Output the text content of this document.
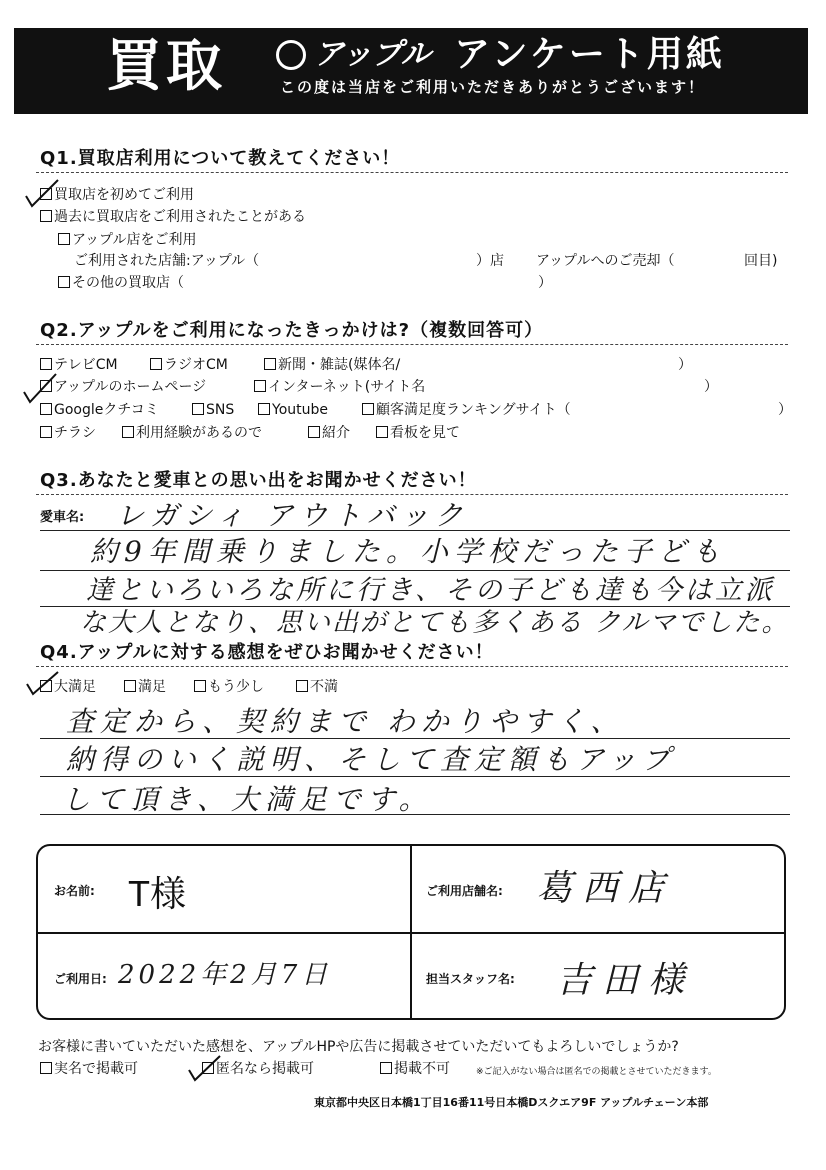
買取	アップル アンケート用紙
この度は当店をご利用いただきありがとうございます！
Q1.買取店利用について教えてください！
買取店を初めてご利用
過去に買取店をご利用されたことがある
アップル店をご利用
ご利用された店舗:アップル（	）店 アップルへのご売却（	回目)
その他の買取店（	）
Q2.アップルをご利用になったきっかけは?（複数回答可）
テレビCM	ラジオCM	新聞・雑誌(媒体名/	）
アップルのホームページ	インターネット(サイト名	）
Googleクチコミ	SNS	Youtube	顧客満足度ランキングサイト（	）
チラシ	利用経験があるので	紹介	看板を見て
Q3.あなたと愛車との思い出をお聞かせください！
愛車名: レガシィ アウトバック
約9年間乗りました。小学校だった子ども
達といろいろな所に行き、その子ども達も今は立派
な大人となり、思い出がとても多くある クルマでした。
Q4.アップルに対する感想をぜひお聞かせください！
大満足	満足	もう少し	不満
査定から、契約まで わかりやすく、
納得のいく説明、そして査定額もアップ
して頂き、大満足です。
お名前: T様	ご利用店舗名: 葛西店
ご利用日: 2022年2月7日	担当スタッフ名: 吉田様
お客様に書いていただいた感想を、アップルHPや広告に掲載させていただいてもよろしいでしょうか?
実名で掲載可	匿名なら掲載可	掲載不可	※ご記入がない場合は匿名での掲載とさせていただきます。
東京都中央区日本橋1丁目16番11号日本橋Dスクエア9F アップルチェーン本部
